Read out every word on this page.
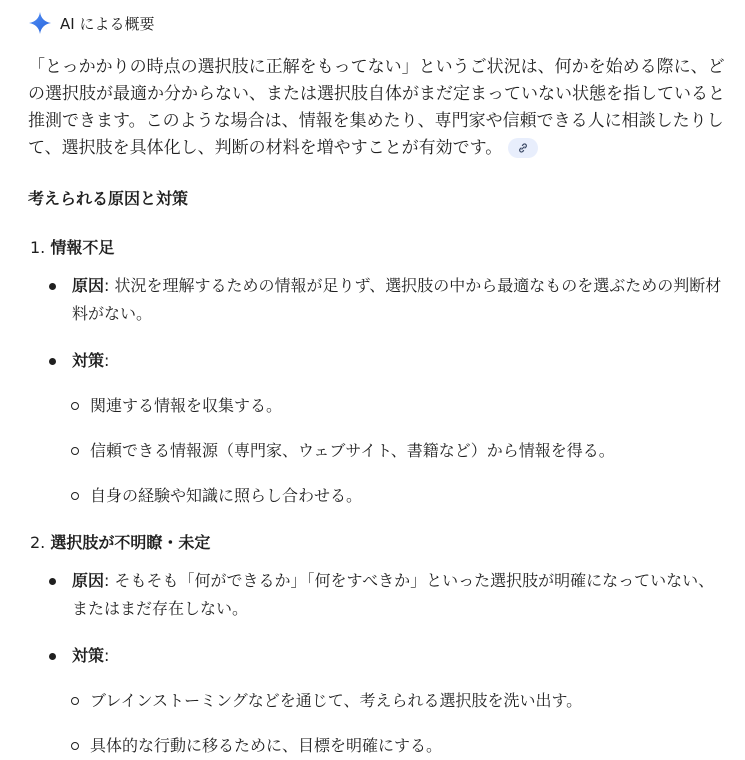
AI による概要

「とっかかりの時点の選択肢に正解をもってない」というご状況は、何かを始める際に、どの選択肢が最適か分からない、または選択肢自体がまだ定まっていない状態を指していると推測できます。このような場合は、情報を集めたり、専門家や信頼できる人に相談したりして、選択肢を具体化し、判断の材料を増やすことが有効です。

考えられる原因と対策
1. 情報不足
原因: 状況を理解するための情報が足りず、選択肢の中から最適なものを選ぶための判断材料がない。
対策:
関連する情報を収集する。
信頼できる情報源（専門家、ウェブサイト、書籍など）から情報を得る。
自身の経験や知識に照らし合わせる。
2. 選択肢が不明瞭・未定
原因: そもそも「何ができるか」「何をすべきか」といった選択肢が明確になっていない、またはまだ存在しない。
対策:
ブレインストーミングなどを通じて、考えられる選択肢を洗い出す。
具体的な行動に移るために、目標を明確にする。
